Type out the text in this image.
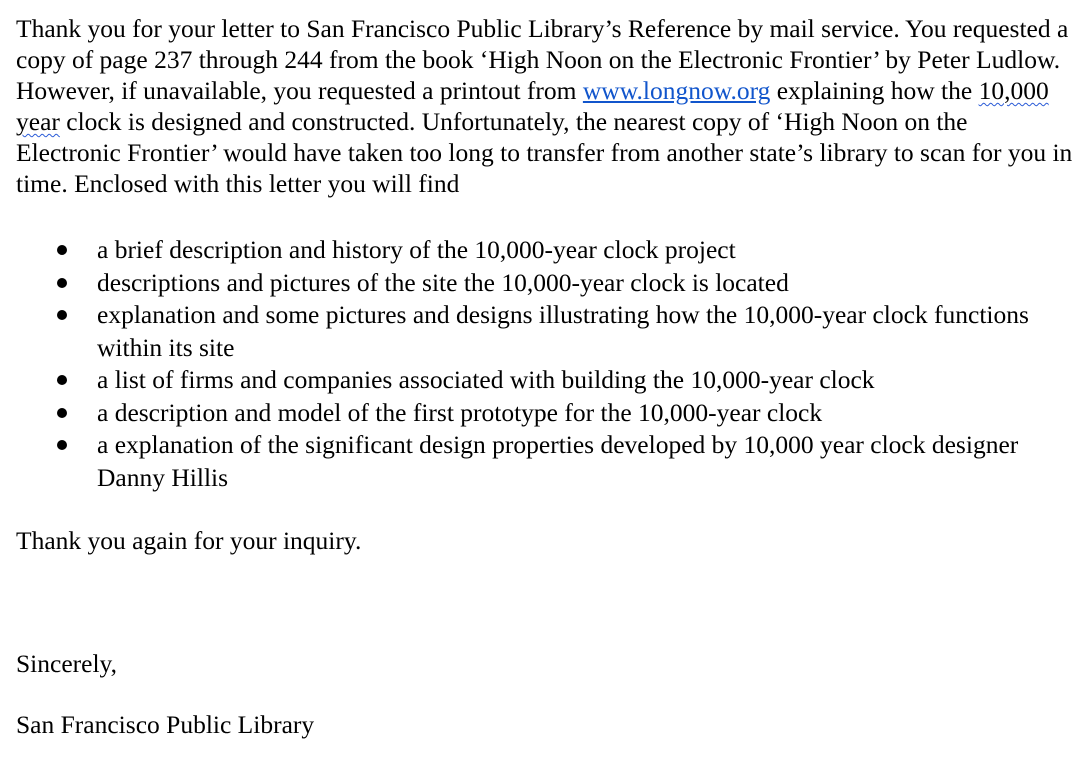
Thank you for your letter to San Francisco Public Library’s Reference by mail service. You requested a copy of page 237 through 244 from the book ‘High Noon on the Electronic Frontier’ by Peter Ludlow. However, if unavailable, you requested a printout from www.longnow.org explaining how the 10,000 year clock is designed and constructed. Unfortunately, the nearest copy of ‘High Noon on the Electronic Frontier’ would have taken too long to transfer from another state’s library to scan for you in time. Enclosed with this letter you will find

a brief description and history of the 10,000-year clock project
descriptions and pictures of the site the 10,000-year clock is located
explanation and some pictures and designs illustrating how the 10,000-year clock functions within its site
a list of firms and companies associated with building the 10,000-year clock
a description and model of the first prototype for the 10,000-year clock
a explanation of the significant design properties developed by 10,000 year clock designer Danny Hillis

Thank you again for your inquiry.

Sincerely,

San Francisco Public Library
